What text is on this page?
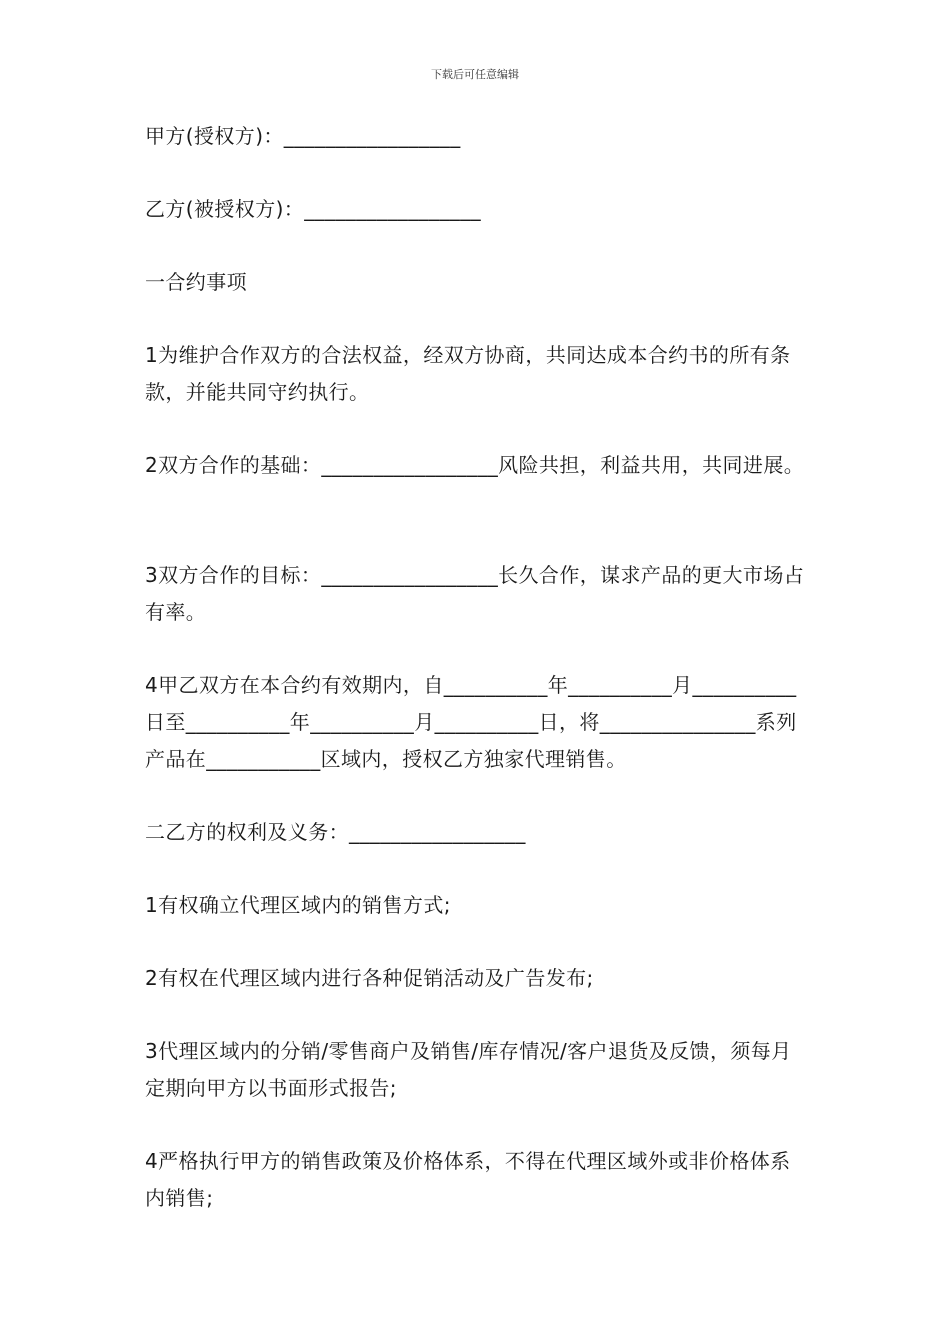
下载后可任意编辑
甲方(授权方)：_________________
乙方(被授权方)：_________________
一合约事项
1为维护合作双方的合法权益，经双方协商，共同达成本合约书的所有条款，并能共同守约执行。
2双方合作的基础：_________________风险共担，利益共用，共同进展。
3双方合作的目标：_________________长久合作，谋求产品的更大市场占有率。
4甲乙双方在本合约有效期内，自__________年__________月__________日至__________年__________月__________日，将_______________系列产品在___________区域内，授权乙方独家代理销售。
二乙方的权利及义务：_________________
1有权确立代理区域内的销售方式;
2有权在代理区域内进行各种促销活动及广告发布;
3代理区域内的分销/零售商户及销售/库存情况/客户退货及反馈，须每月定期向甲方以书面形式报告;
4严格执行甲方的销售政策及价格体系，不得在代理区域外或非价格体系内销售;
